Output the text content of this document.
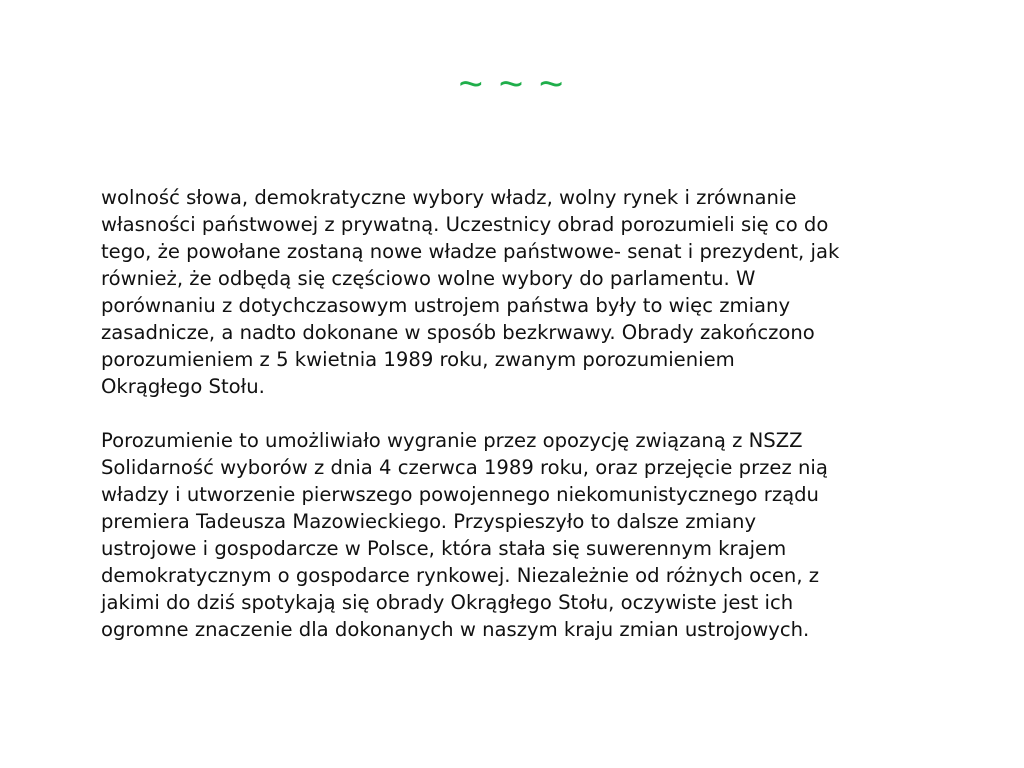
~ ~ ~

wolność słowa, demokratyczne wybory władz, wolny rynek i zrównanie
własności państwowej z prywatną. Uczestnicy obrad porozumieli się co do
tego, że powołane zostaną nowe władze państwowe- senat i prezydent, jak
również, że odbędą się częściowo wolne wybory do parlamentu. W
porównaniu z dotychczasowym ustrojem państwa były to więc zmiany
zasadnicze, a nadto dokonane w sposób bezkrwawy. Obrady zakończono
porozumieniem z 5 kwietnia 1989 roku, zwanym porozumieniem
Okrągłego Stołu.

Porozumienie to umożliwiało wygranie przez opozycję związaną z NSZZ
Solidarność wyborów z dnia 4 czerwca 1989 roku, oraz przejęcie przez nią
władzy i utworzenie pierwszego powojennego niekomunistycznego rządu
premiera Tadeusza Mazowieckiego. Przyspieszyło to dalsze zmiany
ustrojowe i gospodarcze w Polsce, która stała się suwerennym krajem
demokratycznym o gospodarce rynkowej. Niezależnie od różnych ocen, z
jakimi do dziś spotykają się obrady Okrągłego Stołu, oczywiste jest ich
ogromne znaczenie dla dokonanych w naszym kraju zmian ustrojowych.
